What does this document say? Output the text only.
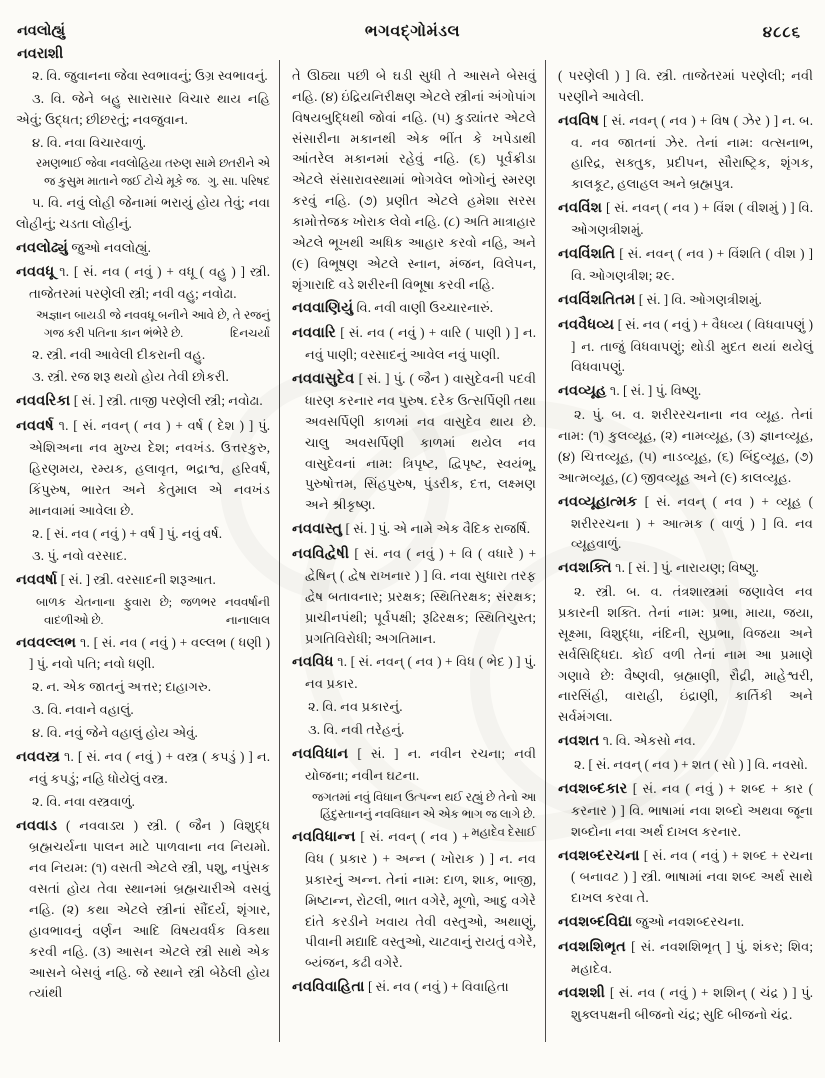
નવલોહ્યું
નવરાશી
ભગવદ્ગોમંડલ	૪૮૮૬

૨. વિ. જુવાનના જેવા સ્વભાવનું; ઉગ્ર સ્વભાવનું.

૩. વિ. જેને બહુ સારાસાર વિચાર થાય નહિ એવું; ઉદ્ધત; છીછરતું; નવજુવાન.

૪. વિ. નવા વિચારવાળું.

રમણભાઈ જેવા નવલોહિયા તરુણ સામે છતરીને એ જ કુસુમ માતાને જઈ ટોચે મૂકે જ. ગુ. સા. પરિષદ

૫. વિ. નવું લોહી જેનામાં ભરાયું હોય તેવું; નવા લોહીનું; ચડતા લોહીનું.

નવલોઢ્યું જુઓ નવલોહ્યું.

નવવધૂ ૧. [ સં. નવ ( નવું ) + વધૂ ( વહુ ) ] સ્ત્રી. તાજેતરમાં પરણેલી સ્ત્રી; નવી વહુ; નવોઢા.

અજ્ઞાન બાયડી જે નવવધૂ બનીને આવે છે, તે રજનું ગજ કરી પતિના કાન ભંભેરે છે.	દિનચર્યા

૨. સ્ત્રી. નવી આવેલી દીકરાની વહુ.

૩. સ્ત્રી. રજ શરૂ થયો હોય તેવી છોકરી.

નવવરિકા [ સં. ] સ્ત્રી. તાજી પરણેલી સ્ત્રી; નવોઢા.

નવવર્ષ ૧. [ સં. નવન્ ( નવ ) + વર્ષ ( દેશ ) ] પું. એશિઅના નવ મુખ્ય દેશ; નવખંડ. ઉત્તરકુરુ, હિરણમય, રમ્યક, હલાવૃત, ભદ્રાશ્વ, હરિવર્ષ, કિંપુરુષ, ભારત અને કેતુમાલ એ નવખંડ માનવામાં આવેલા છે.

૨. [ સં. નવ ( નવું ) + વર્ષ ] પું. નવું વર્ષ.

૩. પું. નવો વરસાદ.

નવવર્ષા [ સં. ] સ્ત્રી. વરસાદની શરૂઆત.

બાળક ચેતનાના ફુવારા છે; જળભર નવવર્ષાની વાદળીઓ છે.	નાનાલાલ

નવવલ્લભ ૧. [ સં. નવ ( નવું ) + વલ્લભ ( ધણી ) ] પું. નવો પતિ; નવો ધણી.

૨. ન. એક જાતનું અત્તર; દાહાગરુ.

૩. વિ. નવાને વહાલું.

૪. વિ. નવું જેને વહાલું હોય એવું.

નવવસ્ત્ર ૧. [ સં. નવ ( નવું ) + વસ્ત્ર ( કપડું ) ] ન. નવું કપડું; નહિ ધોયેલું વસ્ત્ર.

૨. વિ. નવા વસ્ત્રવાળું.

નવવાડ ( નવવાડ્ય ) સ્ત્રી. ( જૈન ) વિશુદ્ધ બ્રહ્મચર્યના પાલન માટે પાળવાના નવ નિયમો. નવ નિયમ: (૧) વસતી એટલે સ્ત્રી, પશુ, નપુંસક વસતાં હોય તેવા સ્થાનમાં બ્રહ્મચારીએ વસવું નહિ. (૨) કથા એટલે સ્ત્રીનાં સૌંદર્ય, શૃંગાર, હાવભાવનું વર્ણન આદિ વિષયવર્ધક વિકથા કરવી નહિ. (૩) આસન એટલે સ્ત્રી સાથે એક આસને બેસવું નહિ. જે સ્થાને સ્ત્રી બેઠેલી હોય ત્યાંથી

તે ઊઠ્યા પછી બે ઘડી સુધી તે આસને બેસવું નહિ. (૪) ઇંદ્રિયનિરીક્ષણ એટલે સ્ત્રીનાં અંગોપાંગ વિષયબુદ્ધિથી જોવાં નહિ. (૫) કુડ્યાંતર એટલે સંસારીના મકાનથી એક ભીંત કે ખપેડાથી આંતરેલ મકાનમાં રહેવું નહિ. (૬) પૂર્વક્રીડા એટલે સંસારાવસ્થામાં ભોગવેલ ભોગોનું સ્મરણ કરવું નહિ. (૭) પ્રણીત એટલે હમેશા સરસ કામોત્તેજક ખોરાક લેવો નહિ. (૮) અતિ માત્રાહાર એટલે ભૂખથી અધિક આહાર કરવો નહિ, અને (૯) વિભૂષણ એટલે સ્નાન, મંજન, વિલેપન, શૃંગારાદિ વડે શરીરની વિભૂષા કરવી નહિ.

નવવાણિયું વિ. નવી વાણી ઉચ્ચારનારું.

નવવારિ [ સં. નવ ( નવું ) + વારિ ( પાણી ) ] ન. નવું પાણી; વરસાદનું આવેલ નવું પાણી.

નવવાસુદેવ [ સં. ] પું. ( જૈન ) વાસુદેવની પદવી ધારણ કરનાર નવ પુરુષ. દરેક ઉત્સર્પિણી તથા અવસર્પિણી કાળમાં નવ વાસુદેવ થાય છે. ચાલુ અવસર્પિણી કાળમાં થયેલ નવ વાસુદેવનાં નામ: ત્રિપૃષ્ટ, દ્વિપૃષ્ટ, સ્વયંભૂ, પુરુષોત્તમ, સિંહપુરુષ, પુંડરીક, દત્ત, લક્ષ્મણ અને શ્રીકૃષ્ણ.

નવવાસ્તુ [ સં. ] પું. એ નામે એક વૈદિક રાજર્ષિ.

નવવિદ્વેષી [ સં. નવ ( નવું ) + વિ ( વધારે ) + દ્વેષિન્ ( દ્વેષ રાખનાર ) ] વિ. નવા સુધારા તરફ દ્વેષ બતાવનાર; પ્રરક્ષક; સ્થિતિરક્ષક; સંરક્ષક; પ્રાચીનપંથી; પૂર્વપક્ષી; રૂઢિરક્ષક; સ્થિતિચુસ્ત; પ્રગતિવિરોધી; અગતિમાન.

નવવિધ ૧. [ સં. નવન્ ( નવ ) + વિધ ( ભેદ ) ] પું. નવ પ્રકાર.

૨. વિ. નવ પ્રકારનું.

૩. વિ. નવી તરેહનું.

નવવિધાન [ સં. ] ન. નવીન રચના; નવી યોજના; નવીન ઘટના.

જગતમાં નવું વિધાન ઉત્પન્ન થઈ રહ્યું છે તેનો આ હિંદુસ્તાનનું નવવિધાન એ એક ભાગ જ લાગે છે.
મહાદેવ દેસાઈ

નવવિધાન્ન [ સં. નવન્ ( નવ ) + વિધ ( પ્રકાર ) + અન્ન ( ખોરાક ) ] ન. નવ પ્રકારનું અન્ન. તેનાં નામ: દાળ, શાક, ભાજી, મિષ્ટાન્ન, રોટલી, ભાત વગેરે, મૂળો, આદુ વગેરે દાંતે કરડીને ખવાય તેવી વસ્તુઓ, અથાણું, પીવાની મદ્યાદિ વસ્તુઓ, ચાટવાનું રાયતું વગેરે, બ્યંજન, કઢી વગેરે.

નવવિવાહિતા [ સં. નવ ( નવું ) + વિવાહિતા

( પરણેલી ) ] વિ. સ્ત્રી. તાજેતરમાં પરણેલી; નવી પરણીને આવેલી.

નવવિષ [ સં. નવન્ ( નવ ) + વિષ ( ઝેર ) ] ન. બ. વ. નવ જાતનાં ઝેર. તેનાં નામ: વત્સનાભ, હારિદ્ર, સક્તુક, પ્રદીપન, સૌરાષ્ટ્રિક, શૃંગક, કાલકૂટ, હલાહલ અને બ્રહ્મપુત્ર.

નવવિંશ [ સં. નવન્ ( નવ ) + વિંશ ( વીશમું ) ] વિ. ઓગણત્રીશમું.

નવવિંશતિ [ સં. નવન્ ( નવ ) + વિંશતિ ( વીશ ) ] વિ. ઓગણત્રીશ; ૨૯.

નવવિંશતિતમ [ સં. ] વિ. ઓગણત્રીશમું.

નવવૈધવ્ય [ સં. નવ ( નવું ) + વૈધવ્ય ( વિધવાપણું ) ] ન. તાજું વિધવાપણું; થોડી મુદત થયાં થયેલું વિધવાપણું.

નવવ્યૂહ ૧. [ સં. ] પું. વિષ્ણુ.

૨. પું. બ. વ. શરીરરચનાના નવ વ્યૂહ. તેનાં નામ: (૧) કુલવ્યૂહ, (૨) નામવ્યૂહ, (૩) જ્ઞાનવ્યૂહ, (૪) ચિત્તવ્યૂહ, (૫) નાડવ્યૂહ, (૬) બિંદુવ્યૂહ, (૭) આત્મવ્યૂહ, (૮) જીવવ્યૂહ અને (૯) કાલવ્યૂહ.

નવવ્યૂહાત્મક [ સં. નવન્ ( નવ ) + વ્યૂહ ( શરીરરચના ) + આત્મક ( વાળું ) ] વિ. નવ વ્યૂહવાળું.

નવશક્તિ ૧. [ સં. ] પું. નારાયણ; વિષ્ણુ.

૨. સ્ત્રી. બ. વ. તંત્રશાસ્ત્રમાં જણાવેલ નવ પ્રકારની શક્તિ. તેનાં નામ: પ્રભા, માયા, જયા, સૂક્ષ્મા, વિશુદ્ધા, નંદિની, સુપ્રભા, વિજયા અને સર્વસિદ્ધિદા. કોઈ વળી તેનાં નામ આ પ્રમાણે ગણાવે છે: વૈષ્ણવી, બ્રહ્માણી, રૌદ્રી, માહેશ્વરી, નારસિંહી, વારાહી, ઇંદ્રાણી, કાર્તિકી અને સર્વમંગલા.

નવશત ૧. વિ. એકસો નવ.

૨. [ સં. નવન્ ( નવ ) + શત ( સો ) ] વિ. નવસો.

નવશબ્દકાર [ સં. નવ ( નવું ) + શબ્દ + કાર ( કરનાર ) ] વિ. ભાષામાં નવા શબ્દો અથવા જૂના શબ્દોના નવા અર્થ દાખલ કરનાર.

નવશબ્દરચના [ સં. નવ ( નવું ) + શબ્દ + રચના ( બનાવટ ) ] સ્ત્રી. ભાષામાં નવા શબ્દ અર્થ સાથે દાખલ કરવા તે.

નવશબ્દવિદ્યા જુઓ નવશબ્દરચના.

નવશશિભૃત [ સં. નવશશિભૃત્ ] પું. શંકર; શિવ; મહાદેવ.

નવશશી [ સં. નવ ( નવું ) + શશિન્ ( ચંદ્ર ) ] પું. શુક્લપક્ષની બીજનો ચંદ્ર; સુદિ બીજનો ચંદ્ર.
